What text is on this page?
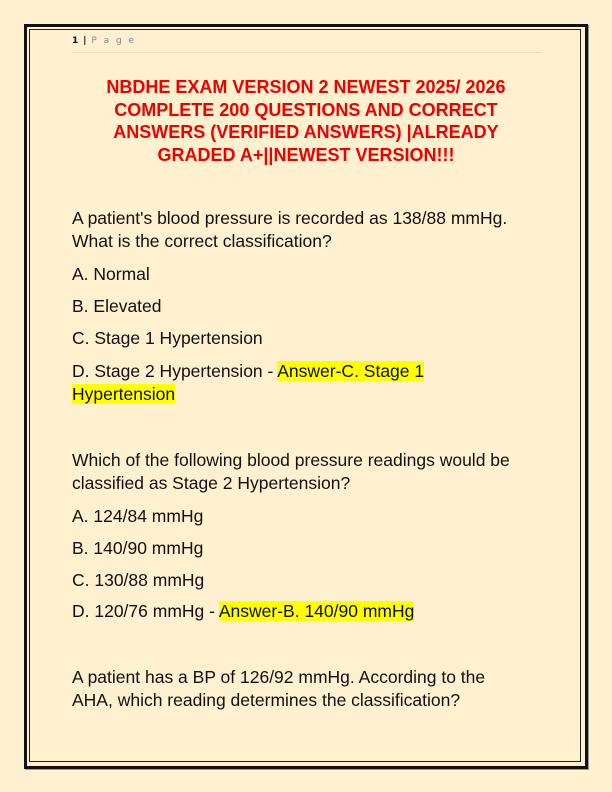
1 | P a g e
NBDHE EXAM VERSION 2 NEWEST 2025/ 2026
COMPLETE 200 QUESTIONS AND CORRECT
ANSWERS (VERIFIED ANSWERS) |ALREADY
GRADED A+||NEWEST VERSION!!!
A patient's blood pressure is recorded as 138/88 mmHg.
What is the correct classification?
A. Normal
B. Elevated
C. Stage 1 Hypertension
D. Stage 2 Hypertension - Answer-C. Stage 1
Hypertension
Which of the following blood pressure readings would be
classified as Stage 2 Hypertension?
A. 124/84 mmHg
B. 140/90 mmHg
C. 130/88 mmHg
D. 120/76 mmHg - Answer-B. 140/90 mmHg
A patient has a BP of 126/92 mmHg. According to the
AHA, which reading determines the classification?
